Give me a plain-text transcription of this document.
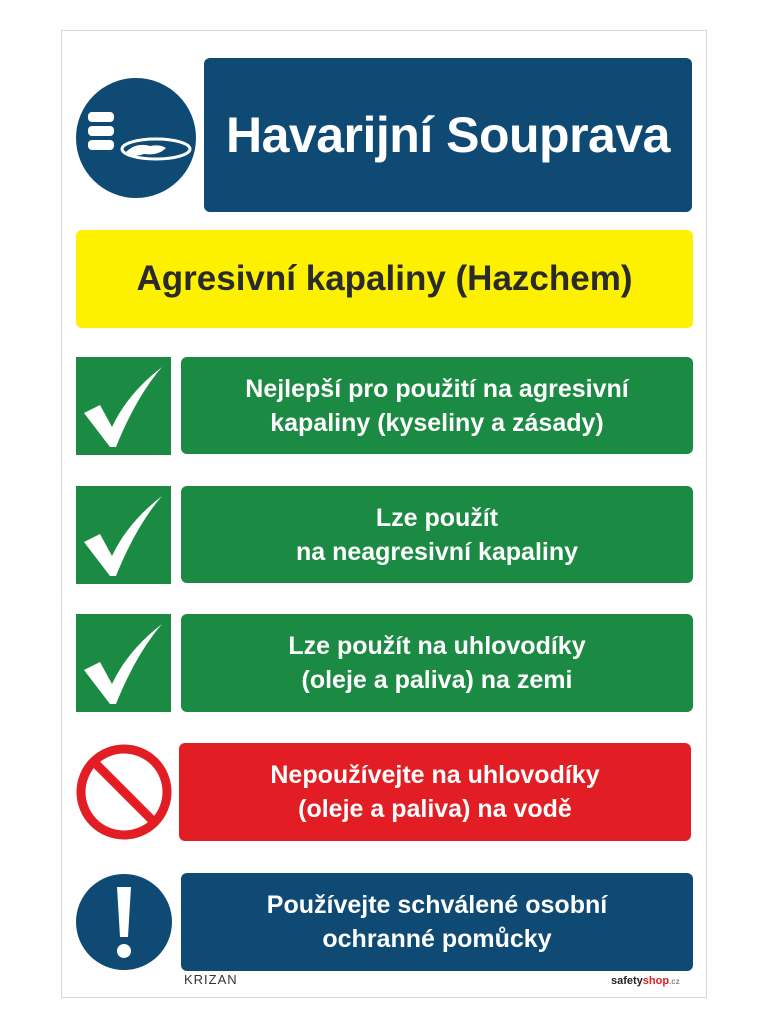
Havarijní Souprava
Agresivní kapaliny (Hazchem)
Nejlepší pro použití na agresivní
kapaliny (kyseliny a zásady)
Lze použít
na neagresivní kapaliny
Lze použít na uhlovodíky
(oleje a paliva) na zemi
Nepoužívejte na uhlovodíky
(oleje a paliva) na vodě
Používejte schválené osobní
ochranné pomůcky
KRIZAN	safetyshop.cz
